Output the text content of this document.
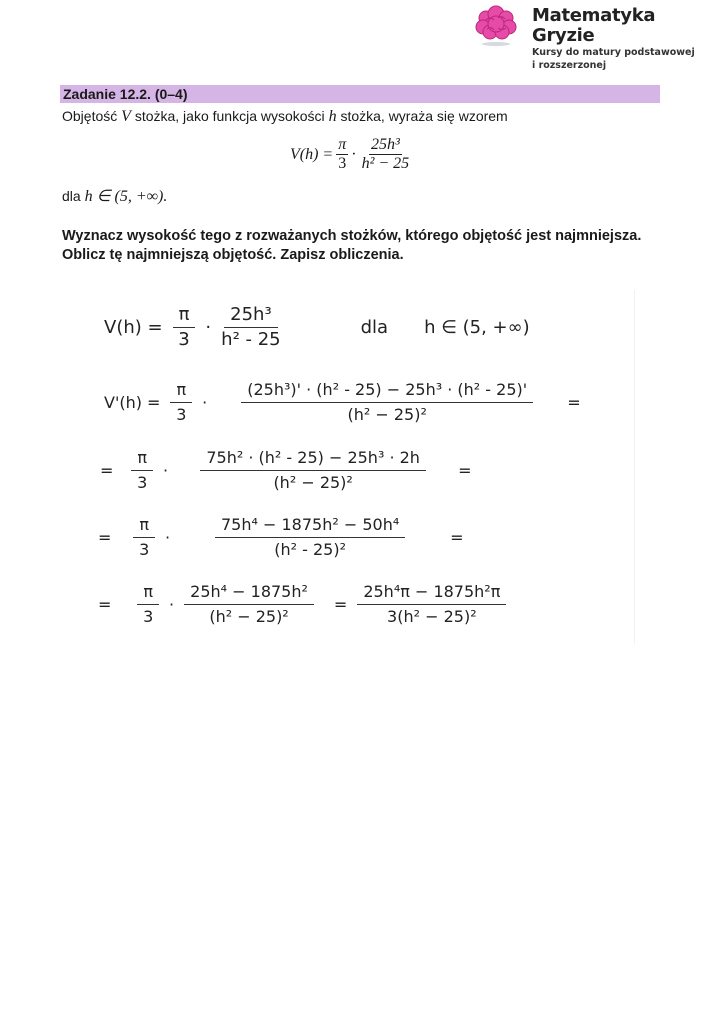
Matematyka Gryzie
Kursy do matury podstawowej
i rozszerzonej
Zadanie 12.2. (0–4)
Objętość V stożka, jako funkcja wysokości h stożka, wyraża się wzorem
$V(h) = \frac{\pi}{3} \cdot \frac{\text{25h³}}{\text{h² − 25}}$
dla h ∈ (5, +∞).
Wyznacz wysokość tego z rozważanych stożków, którego objętość jest najmniejsza.
Oblicz tę najmniejszą objętość. Zapisz obliczenia.
$V(h) = \frac{\pi}{3} \cdot \frac{\text{25h³}}{\text{h² - 25}}$	dla h ∈ (5, +∞)
$V'(h) = \frac{\pi}{3} \cdot \frac{\text{(25h³)' · (h² - 25) − 25h³ · (h² - 25)'}}{\text{(h² − 25)²}}$ =
= $\frac{\pi}{3} \cdot \frac{\text{75h² · (h² - 25) − 25h³ · 2h}}{\text{(h² − 25)²}}$ =
= $\frac{\pi}{3} \cdot \frac{\text{75h⁴ − 1875h² − 50h⁴}}{\text{(h² - 25)²}}$ =
= $\frac{\pi}{3} \cdot \frac{\text{25h⁴ − 1875h²}}{\text{(h² − 25)²}} = \frac{\text{25h⁴π − 1875h²π}}{\text{3(h² − 25)²}}$
